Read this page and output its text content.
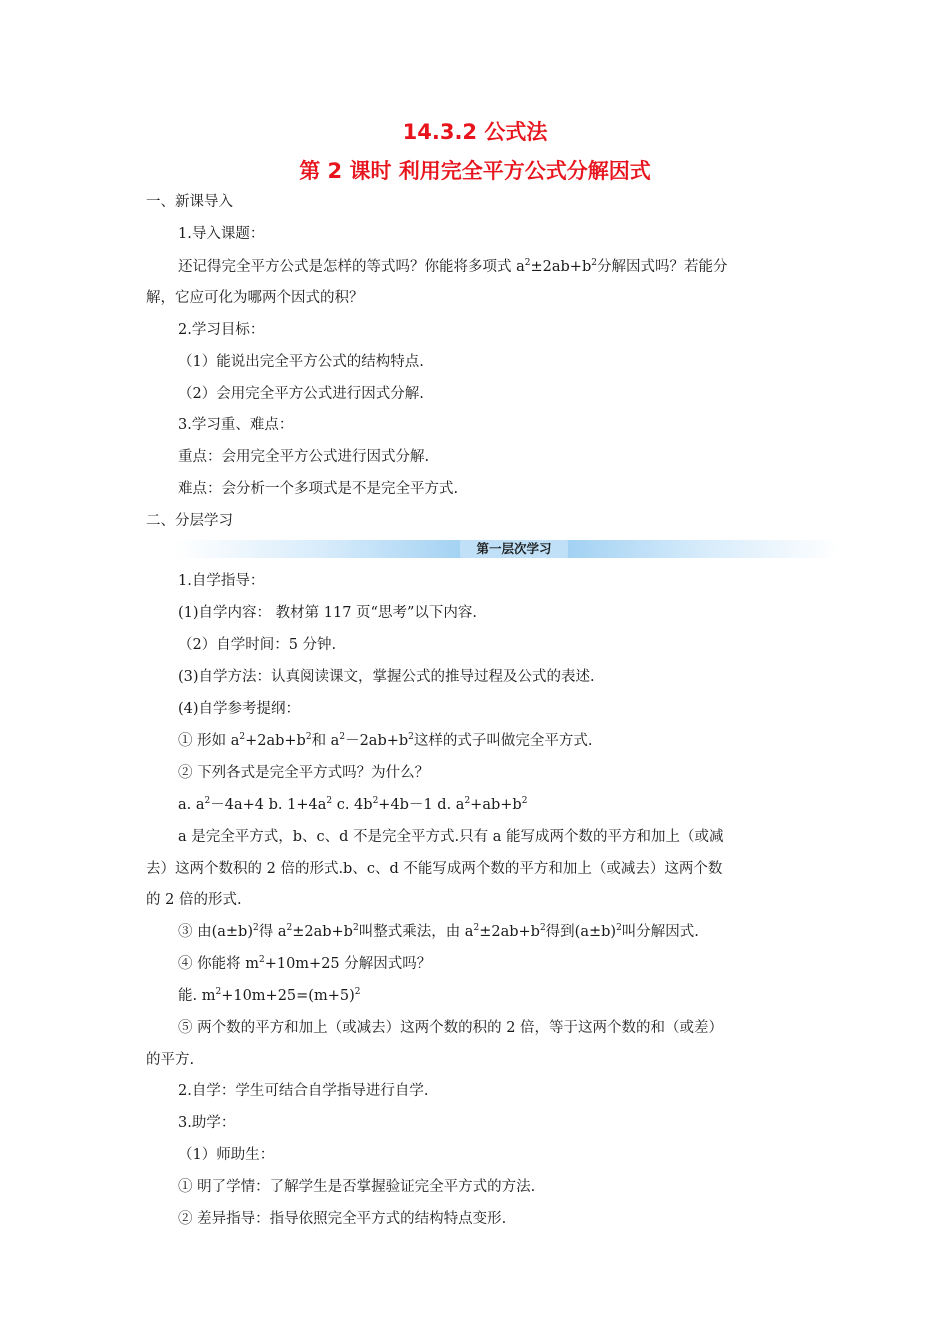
14.3.2 公式法
第 2 课时 利用完全平方公式分解因式
一、新课导入
1.导入课题：
还记得完全平方公式是怎样的等式吗？你能将多项式 $a^2\pm 2ab+b^2$分解因式吗？若能分
解，它应可化为哪两个因式的积？
2.学习目标：
（1）能说出完全平方公式的结构特点.
（2）会用完全平方公式进行因式分解.
3.学习重、难点：
重点：会用完全平方公式进行因式分解.
难点：会分析一个多项式是不是完全平方式.
二、分层学习
第一层次学习
1.自学指导：
(1)自学内容： 教材第 117 页“思考”以下内容.
（2）自学时间：5 分钟.
(3)自学方法：认真阅读课文，掌握公式的推导过程及公式的表述.
(4)自学参考提纲：
① 形如 $a^2+2ab+b^2$和 $a^2-2ab+b^2$这样的式子叫做完全平方式.
② 下列各式是完全平方式吗？为什么？
a. $a^2-4a+4$ b. $1+4a^2$ c. $4b^2+4b-1$ d. $a^2+ab+b^2$
a 是完全平方式，b、c、d 不是完全平方式.只有 a 能写成两个数的平方和加上（或减
去）这两个数积的 2 倍的形式.b、c、d 不能写成两个数的平方和加上（或减去）这两个数
的 2 倍的形式.
③ 由$(a\pm b)^2$得 $a^2\pm 2ab+b^2$叫整式乘法，由 $a^2\pm 2ab+b^2$得到$(a\pm b)^2$叫分解因式.
④ 你能将 $m^2+10m+25$ 分解因式吗？
能. $m^2+10m+25=(m+5)^2$
⑤ 两个数的平方和加上（或减去）这两个数的积的 2 倍，等于这两个数的和（或差）
的平方.
2.自学：学生可结合自学指导进行自学.
3.助学：
（1）师助生：
① 明了学情：了解学生是否掌握验证完全平方式的方法.
② 差异指导：指导依照完全平方式的结构特点变形.
